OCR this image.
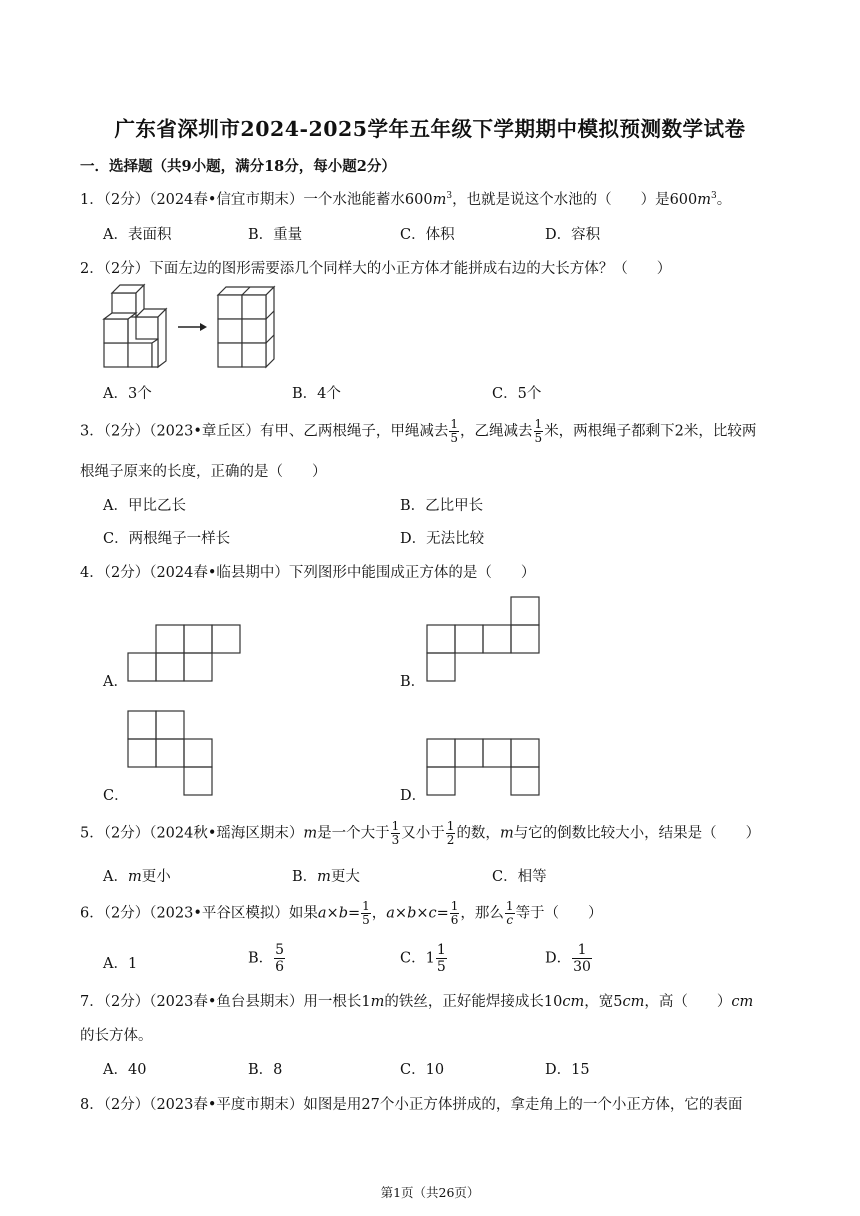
广东省深圳市2024-2025学年五年级下学期期中模拟预测数学试卷
一．选择题（共9小题，满分18分，每小题2分）
1．（2分）（2024春•信宜市期末）一个水池能蓄水$600m^3$，也就是说这个水池的（　　）是$600m^3$。
A．表面积	B．重量	C．体积	D．容积
2．（2分）下面左边的图形需要添几个同样大的小正方体才能拼成右边的大长方体？（　　）
A．3个	B．4个	C．5个
3．（2分）（2023•章丘区）有甲、乙两根绳子，甲绳减去 $\frac{1}{5}$ ，乙绳减去 $\frac{1}{5}$ 米，两根绳子都剩下2米，比较两
根绳子原来的长度，正确的是（　　）
A．甲比乙长	B．乙比甲长
C．两根绳子一样长	D．无法比较
4．（2分）（2024春•临县期中）下列图形中能围成正方体的是（　　）
A．	B．
C．	D．
5．（2分）（2024秋•瑶海区期末）m是一个大于 $\frac{1}{3}$ 又小于 $\frac{1}{2}$ 的数，m与它的倒数比较大小，结果是（　　）
A．m更小	B．m更大	C．相等
6．（2分）（2023•平谷区模拟）如果$a\times b= \frac{1}{5}$ ，$a\times b\times c= \frac{1}{6}$ ，那么 $\frac{1}{c}$ 等于（　　）
A．1	B． $\frac{5}{6}$	C．$1 \frac{1}{5}$	D． $\frac{1}{30}$
7．（2分）（2023春•鱼台县期末）用一根长1m的铁丝，正好能焊接成长10cm，宽5cm，高（　　）cm
的长方体。
A．40	B．8	C．10	D．15
8．（2分）（2023春•平度市期末）如图是用27个小正方体拼成的，拿走角上的一个小正方体，它的表面
第1页（共26页）
